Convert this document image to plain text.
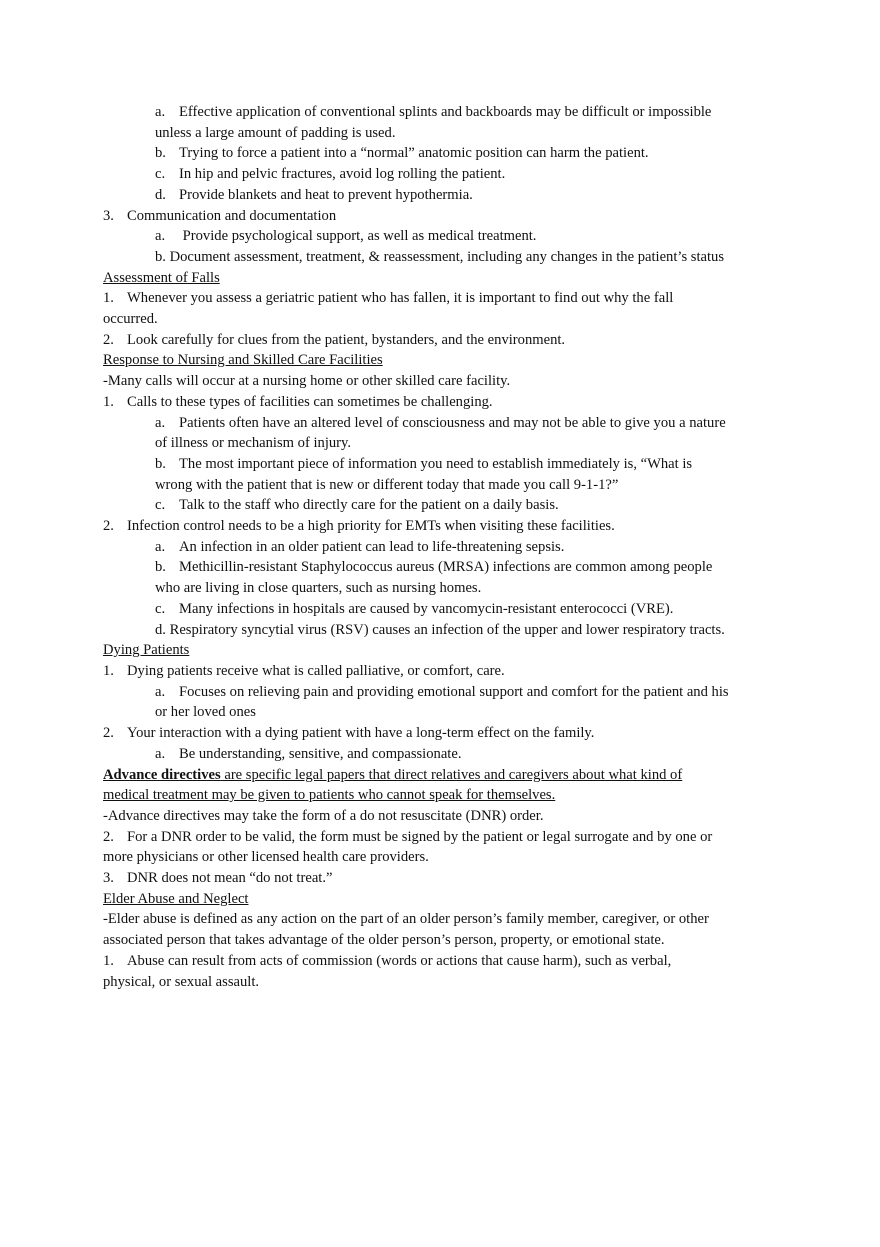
a. Effective application of conventional splints and backboards may be difficult or impossible

unless a large amount of padding is used.

b. Trying to force a patient into a “normal” anatomic position can harm the patient.

c. In hip and pelvic fractures, avoid log rolling the patient.

d. Provide blankets and heat to prevent hypothermia.

3. Communication and documentation

a. Provide psychological support, as well as medical treatment.

b. Document assessment, treatment, & reassessment, including any changes in the patient’s status

Assessment of Falls

1. Whenever you assess a geriatric patient who has fallen, it is important to find out why the fall

occurred.

2. Look carefully for clues from the patient, bystanders, and the environment.

Response to Nursing and Skilled Care Facilities

-Many calls will occur at a nursing home or other skilled care facility.

1. Calls to these types of facilities can sometimes be challenging.

a. Patients often have an altered level of consciousness and may not be able to give you a nature

of illness or mechanism of injury.

b. The most important piece of information you need to establish immediately is, “What is

wrong with the patient that is new or different today that made you call 9-1-1?”

c. Talk to the staff who directly care for the patient on a daily basis.

2. Infection control needs to be a high priority for EMTs when visiting these facilities.

a. An infection in an older patient can lead to life-threatening sepsis.

b. Methicillin-resistant Staphylococcus aureus (MRSA) infections are common among people

who are living in close quarters, such as nursing homes.

c. Many infections in hospitals are caused by vancomycin-resistant enterococci (VRE).

d. Respiratory syncytial virus (RSV) causes an infection of the upper and lower respiratory tracts.

Dying Patients

1. Dying patients receive what is called palliative, or comfort, care.

a. Focuses on relieving pain and providing emotional support and comfort for the patient and his

or her loved ones

2. Your interaction with a dying patient with have a long-term effect on the family.

a. Be understanding, sensitive, and compassionate.

Advance directives are specific legal papers that direct relatives and caregivers about what kind of

medical treatment may be given to patients who cannot speak for themselves.

-Advance directives may take the form of a do not resuscitate (DNR) order.

2. For a DNR order to be valid, the form must be signed by the patient or legal surrogate and by one or

more physicians or other licensed health care providers.

3. DNR does not mean “do not treat.”

Elder Abuse and Neglect

-Elder abuse is defined as any action on the part of an older person’s family member, caregiver, or other

associated person that takes advantage of the older person’s person, property, or emotional state.

1. Abuse can result from acts of commission (words or actions that cause harm), such as verbal,

physical, or sexual assault.
